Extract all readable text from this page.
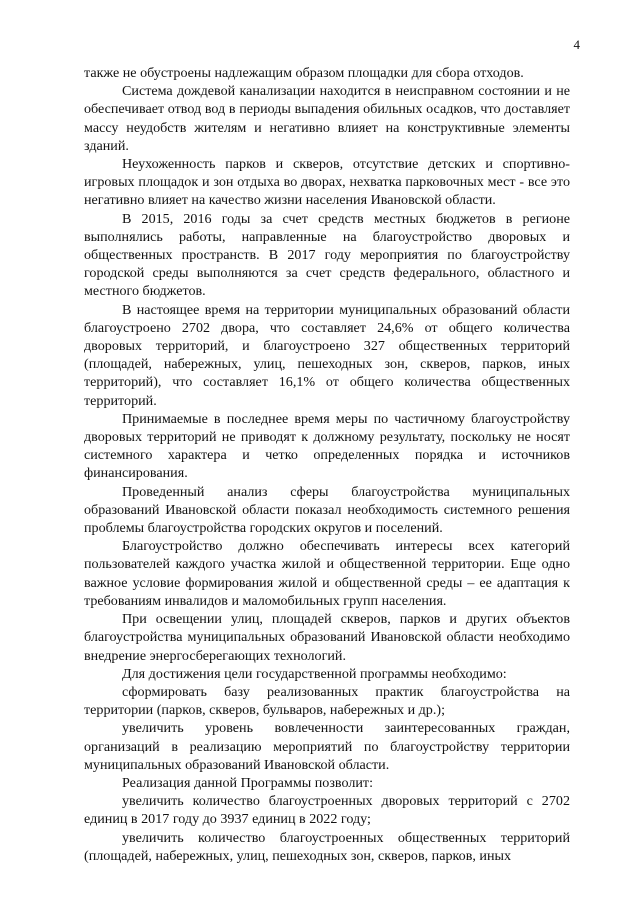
4

также не обустроены надлежащим образом площадки для сбора отходов.

Система дождевой канализации находится в неисправном состоянии и не обеспечивает отвод вод в периоды выпадения обильных осадков, что доставляет массу неудобств жителям и негативно влияет на конструктивные элементы зданий.

Неухоженность парков и скверов, отсутствие детских и спортивно-игровых площадок и зон отдыха во дворах, нехватка парковочных мест - все это негативно влияет на качество жизни населения Ивановской области.

В 2015, 2016 годы за счет средств местных бюджетов в регионе выполнялись работы, направленные на благоустройство дворовых и общественных пространств. В 2017 году мероприятия по благоустройству городской среды выполняются за счет средств федерального, областного и местного бюджетов.

В настоящее время на территории муниципальных образований области благоустроено 2702 двора, что составляет 24,6% от общего количества дворовых территорий, и благоустроено 327 общественных территорий (площадей, набережных, улиц, пешеходных зон, скверов, парков, иных территорий), что составляет 16,1% от общего количества общественных территорий.

Принимаемые в последнее время меры по частичному благоустройству дворовых территорий не приводят к должному результату, поскольку не носят системного характера и четко определенных порядка и источников финансирования.

Проведенный анализ сферы благоустройства муниципальных образований Ивановской области показал необходимость системного решения проблемы благоустройства городских округов и поселений.

Благоустройство должно обеспечивать интересы всех категорий пользователей каждого участка жилой и общественной территории. Еще одно важное условие формирования жилой и общественной среды – ее адаптация к требованиям инвалидов и маломобильных групп населения.

При освещении улиц, площадей скверов, парков и других объектов благоустройства муниципальных образований Ивановской области необходимо внедрение энергосберегающих технологий.

Для достижения цели государственной программы необходимо:

сформировать базу реализованных практик благоустройства на территории (парков, скверов, бульваров, набережных и др.);

увеличить уровень вовлеченности заинтересованных граждан, организаций в реализацию мероприятий по благоустройству территории муниципальных образований Ивановской области.

Реализация данной Программы позволит:

увеличить количество благоустроенных дворовых территорий с 2702 единиц в 2017 году до 3937 единиц в 2022 году;

увеличить количество благоустроенных общественных территорий (площадей, набережных, улиц, пешеходных зон, скверов, парков, иных
